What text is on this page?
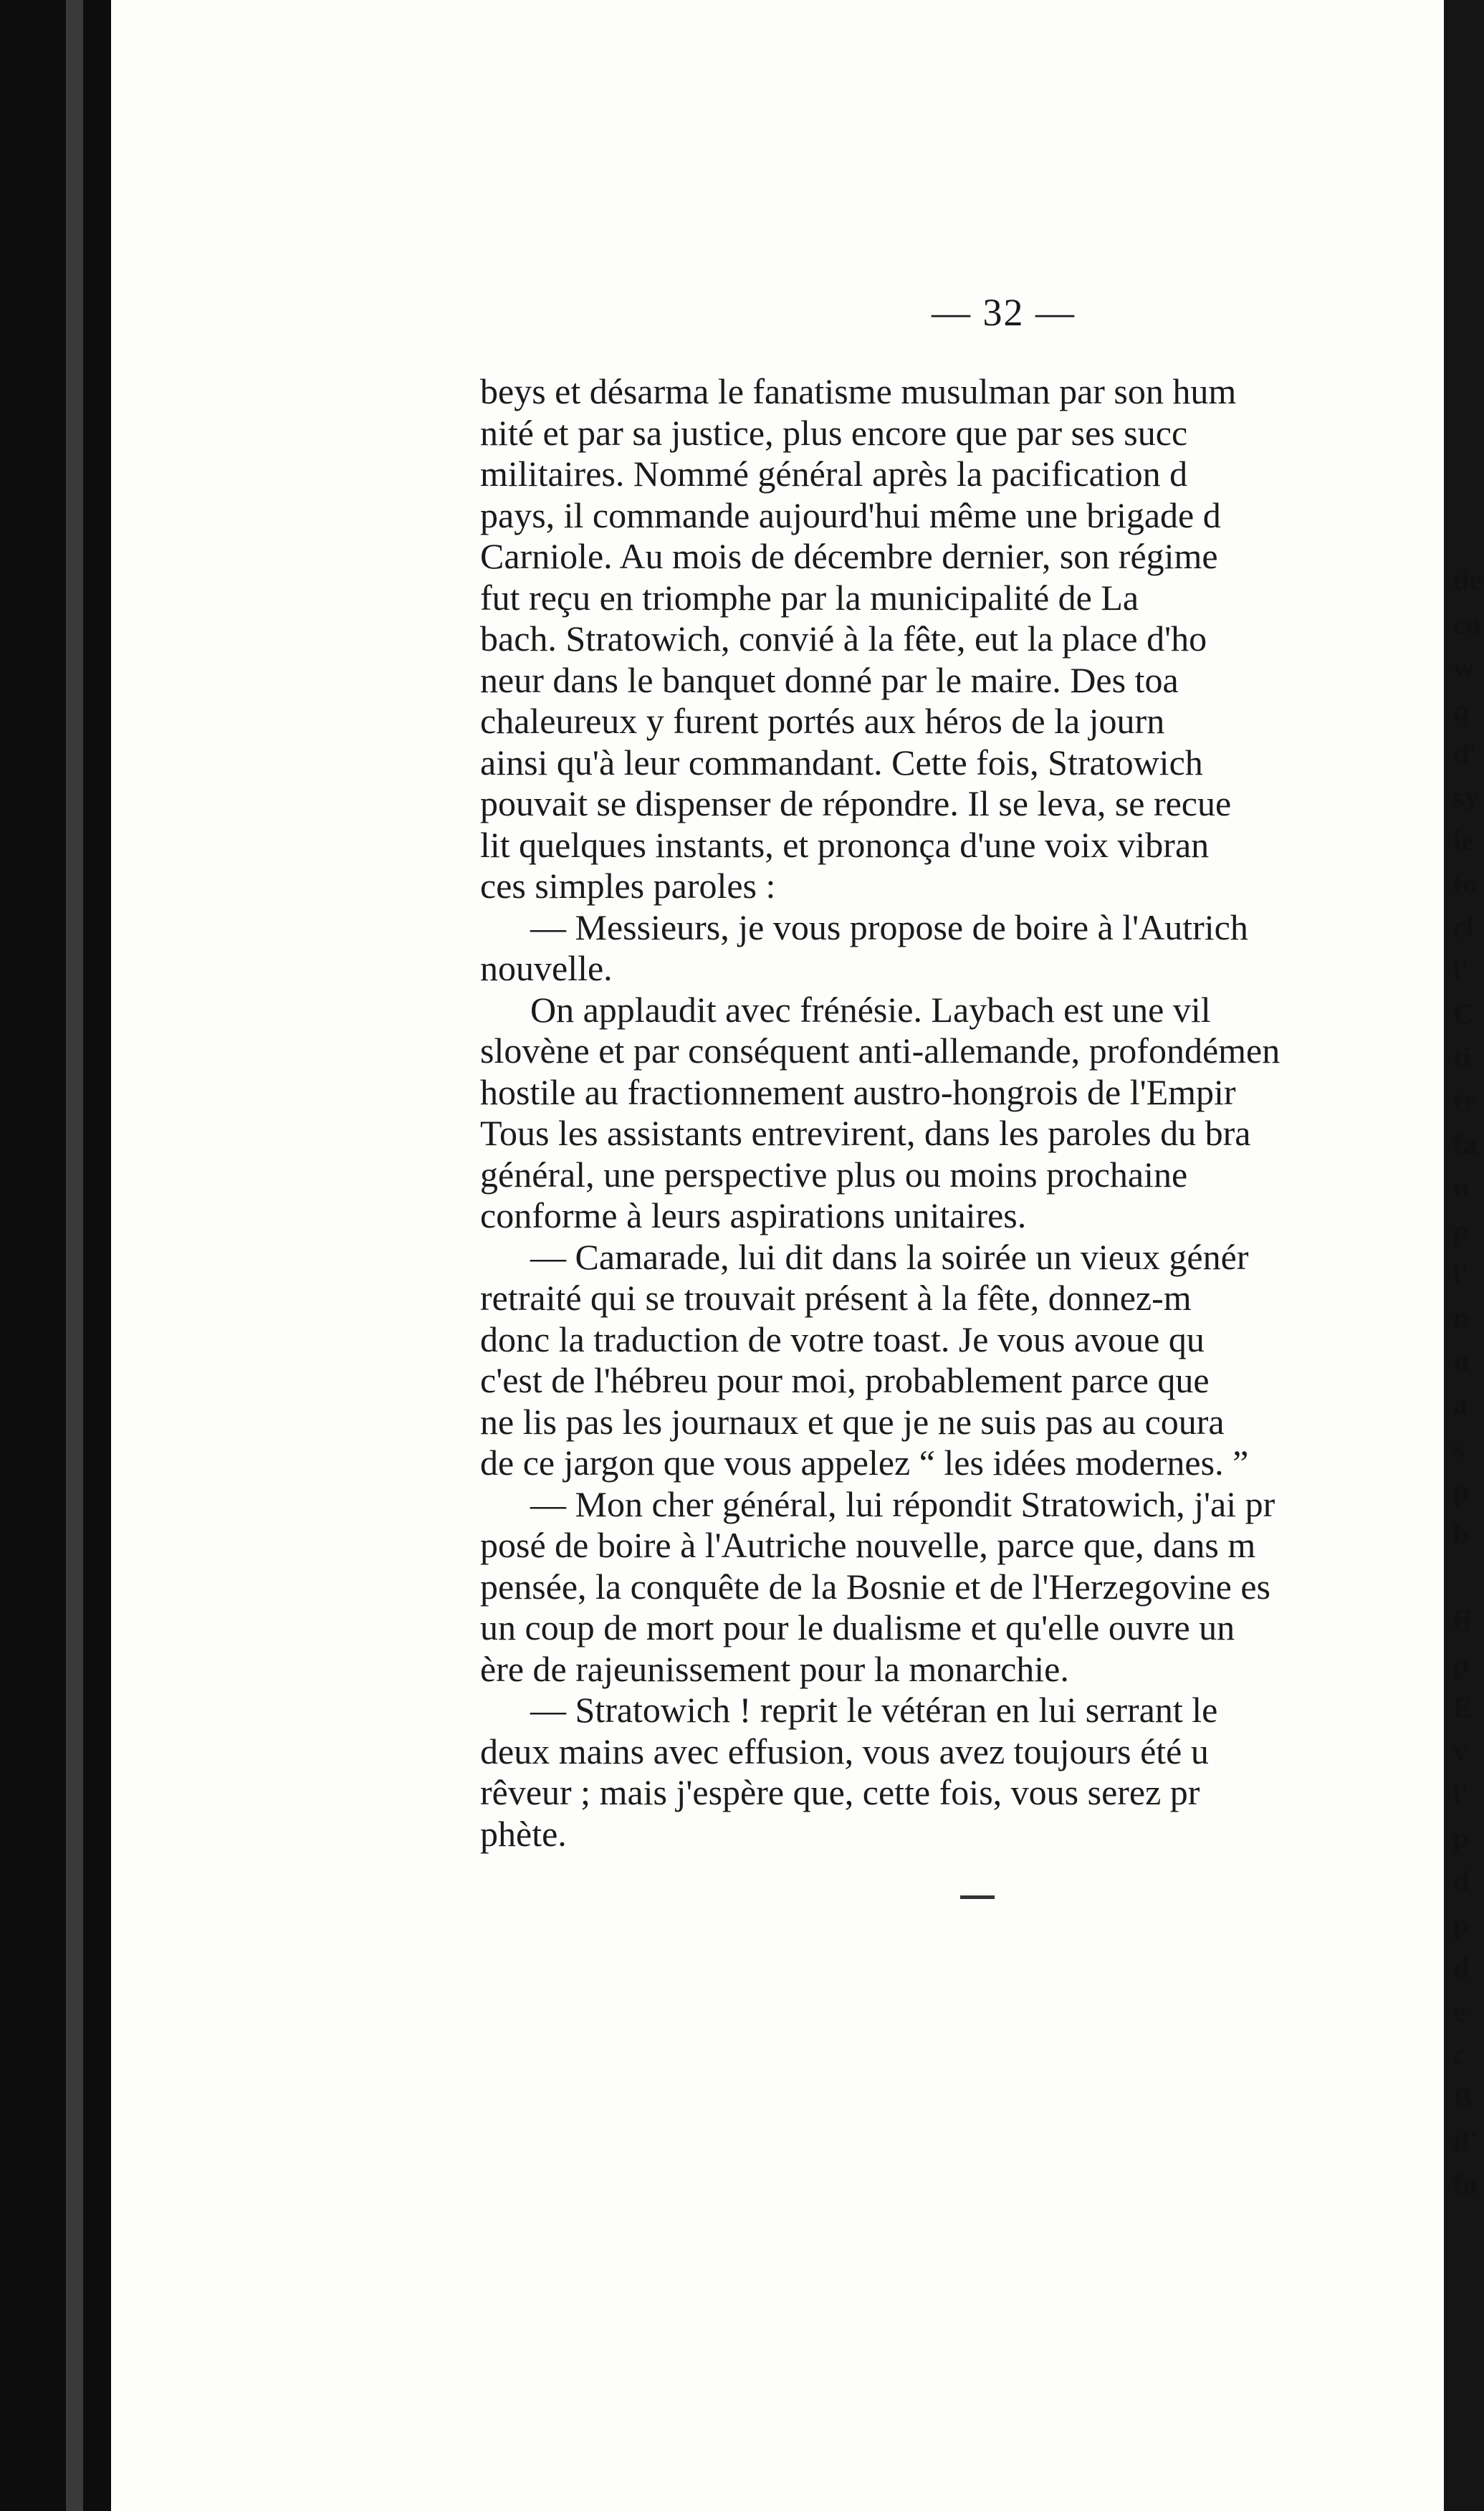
— 32 —
beys et désarma le fanatisme musulman par son hum
nité et par sa justice, plus encore que par ses succ
militaires. Nommé général après la pacification d
pays, il commande aujourd'hui même une brigade d
Carniole. Au mois de décembre dernier, son régime
fut reçu en triomphe par la municipalité de La
bach. Stratowich, convié à la fête, eut la place d'ho
neur dans le banquet donné par le maire. Des toa
chaleureux y furent portés aux héros de la journ
ainsi qu'à leur commandant. Cette fois, Stratowich
pouvait se dispenser de répondre. Il se leva, se recue
lit quelques instants, et prononça d'une voix vibran
ces simples paroles :
— Messieurs, je vous propose de boire à l'Autrich
nouvelle.
On applaudit avec frénésie. Laybach est une vil
slovène et par conséquent anti-allemande, profondémen
hostile au fractionnement austro-hongrois de l'Empir
Tous les assistants entrevirent, dans les paroles du bra
général, une perspective plus ou moins prochaine
conforme à leurs aspirations unitaires.
— Camarade, lui dit dans la soirée un vieux génér
retraité qui se trouvait présent à la fête, donnez-m
donc la traduction de votre toast. Je vous avoue qu
c'est de l'hébreu pour moi, probablement parce que
ne lis pas les journaux et que je ne suis pas au coura
de ce jargon que vous appelez “ les idées modernes. ”
— Mon cher général, lui répondit Stratowich, j'ai pr
posé de boire à l'Autriche nouvelle, parce que, dans m
pensée, la conquête de la Bosnie et de l'Herzegovine es
un coup de mort pour le dualisme et qu'elle ouvre un
ère de rajeunissement pour la monarchie.
— Stratowich ! reprit le vétéran en lui serrant le
deux mains avec effusion, vous avez toujours été u
rêveur ; mais j'espère que, cette fois, vous serez pr
phète.
de
co
w
q
d'
sy
le
fo
cl
l'
C
ti
tr
fa
n
p
l'
n
n
a
s
p
b
fi
p
E
v
l'
p
d
p
d
e
c
B
d'
fo
